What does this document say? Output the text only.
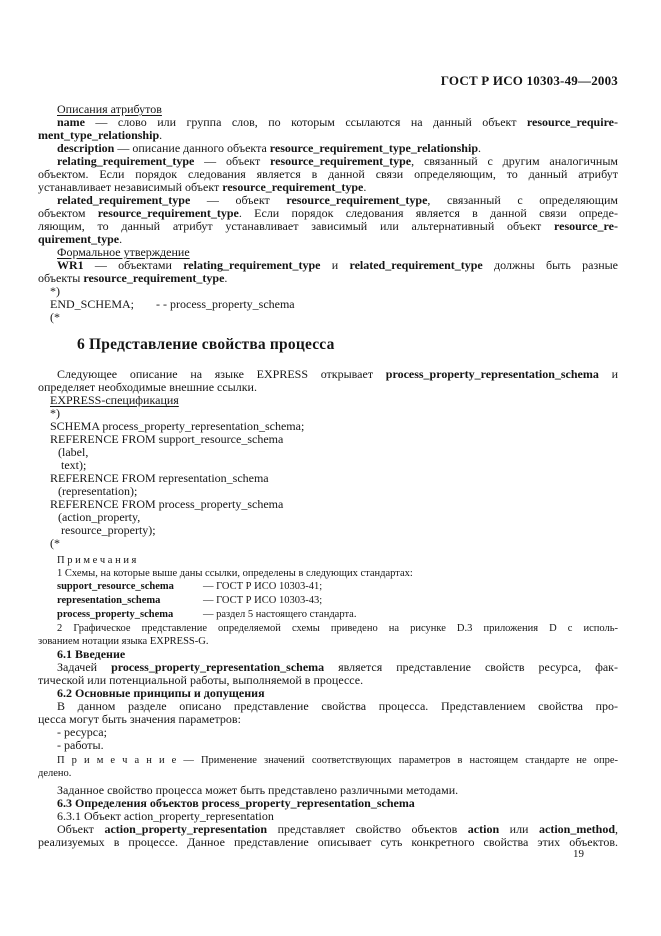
ГОСТ Р ИСО 10303-49—2003
Описания атрибутов
name — слово или группа слов, по которым ссылаются на данный объект resource_require-
ment_type_relationship.
description — описание данного объекта resource_requirement_type_relationship.
relating_requirement_type — объект resource_requirement_type, связанный с другим аналогичным
объектом. Если порядок следования является в данной связи определяющим, то данный атрибут
устанавливает независимый объект resource_requirement_type.
related_requirement_type — объект resource_requirement_type, связанный с определяющим
объектом resource_requirement_type. Если порядок следования является в данной связи опреде-
ляющим, то данный атрибут устанавливает зависимый или альтернативный объект resource_re-
quirement_type.
Формальное утверждение
WR1 — объектами relating_requirement_type и related_requirement_type должны быть разные
объекты resource_requirement_type.
*)
END_SCHEMA; - - process_property_schema
(*
6 Представление свойства процесса
Следующее описание на языке EXPRESS открывает process_property_representation_schema и
определяет необходимые внешние ссылки.
EXPRESS-спецификация
*)
SCHEMA process_property_representation_schema;
REFERENCE FROM support_resource_schema
(label,
text);
REFERENCE FROM representation_schema
(representation);
REFERENCE FROM process_property_schema
(action_property,
resource_property);
(*
П р и м е ч а н и я
1 Схемы, на которые выше даны ссылки, определены в следующих стандартах:
support_resource_schema	— ГОСТ Р ИСО 10303-41;
representation_schema	— ГОСТ Р ИСО 10303-43;
process_property_schema	— раздел 5 настоящего стандарта.
2 Графическое представление определяемой схемы приведено на рисунке D.3 приложения D с исполь-
зованием нотации языка EXPRESS-G.
6.1 Введение
Задачей process_property_representation_schema является представление свойств ресурса, фак-
тической или потенциальной работы, выполняемой в процессе.
6.2 Основные принципы и допущения
В данном разделе описано представление свойства процесса. Представлением свойства про-
цесса могут быть значения параметров:
- ресурса;
- работы.
П р и м е ч а н и е — Применение значений соответствующих параметров в настоящем стандарте не опре-
делено.
Заданное свойство процесса может быть представлено различными методами.
6.3 Определения объектов process_property_representation_schema
6.3.1 Объект action_property_representation
Объект action_property_representation представляет свойство объектов action или action_method,
реализуемых в процессе. Данное представление описывает суть конкретного свойства этих объектов.
19
